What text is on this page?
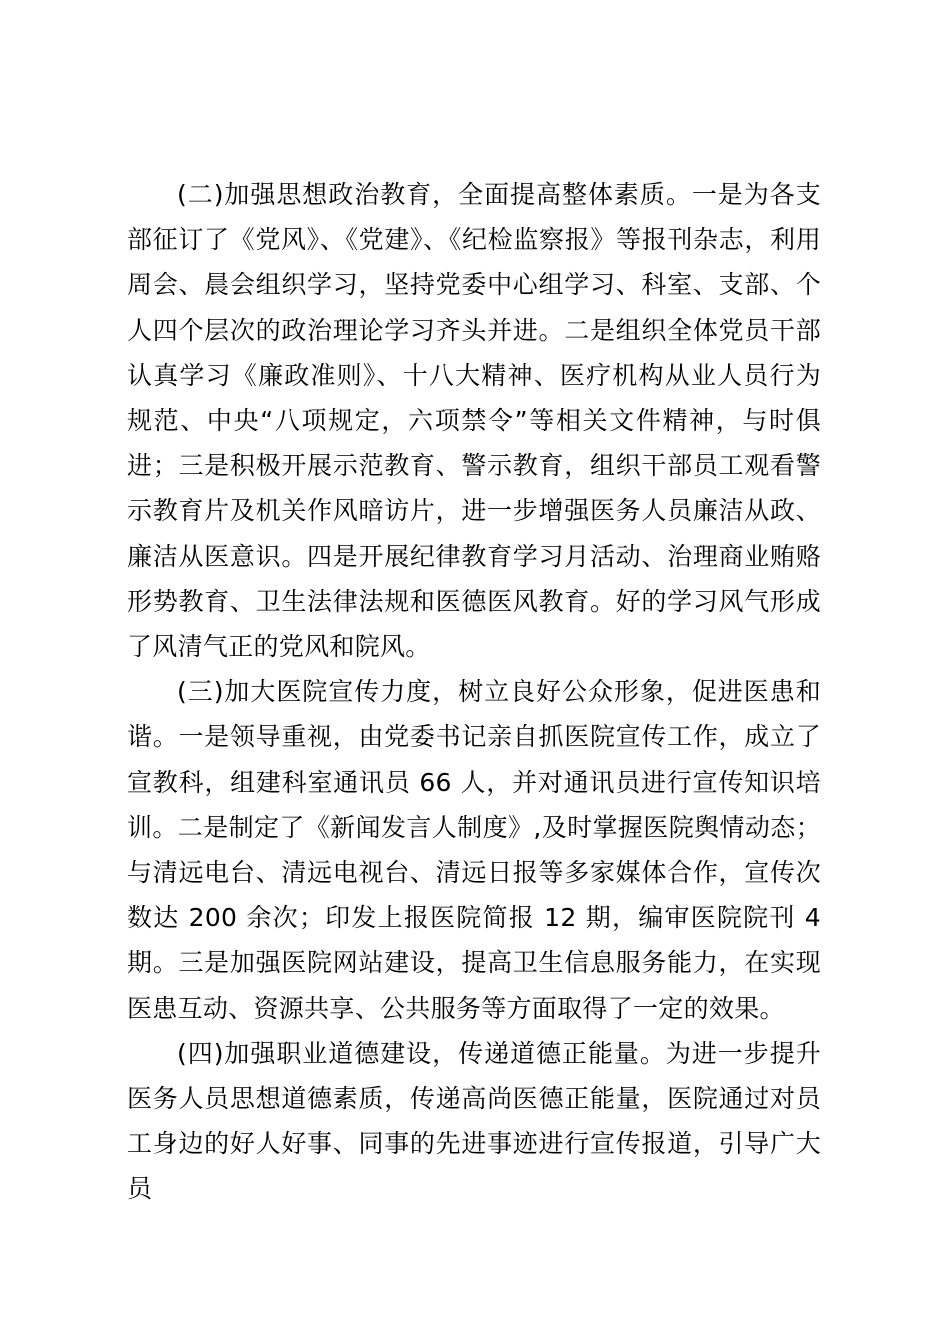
(二)加强思想政治教育，全面提高整体素质。一是为各支部征订了《党风》、《党建》、《纪检监察报》等报刊杂志，利用周会、晨会组织学习，坚持党委中心组学习、科室、支部、个人四个层次的政治理论学习齐头并进。二是组织全体党员干部认真学习《廉政准则》、十八大精神、医疗机构从业人员行为规范、中央“八项规定，六项禁令”等相关文件精神，与时俱进；三是积极开展示范教育、警示教育，组织干部员工观看警示教育片及机关作风暗访片，进一步增强医务人员廉洁从政、廉洁从医意识。四是开展纪律教育学习月活动、治理商业贿赂形势教育、卫生法律法规和医德医风教育。好的学习风气形成了风清气正的党风和院风。

(三)加大医院宣传力度，树立良好公众形象，促进医患和谐。一是领导重视，由党委书记亲自抓医院宣传工作，成立了宣教科，组建科室通讯员 66 人，并对通讯员进行宣传知识培训。二是制定了《新闻发言人制度》,及时掌握医院舆情动态；与清远电台、清远电视台、清远日报等多家媒体合作，宣传次数达 200 余次；印发上报医院简报 12 期，编审医院院刊 4 期。三是加强医院网站建设，提高卫生信息服务能力，在实现医患互动、资源共享、公共服务等方面取得了一定的效果。

(四)加强职业道德建设，传递道德正能量。为进一步提升医务人员思想道德素质，传递高尚医德正能量，医院通过对员工身边的好人好事、同事的先进事迹进行宣传报道，引导广大员
